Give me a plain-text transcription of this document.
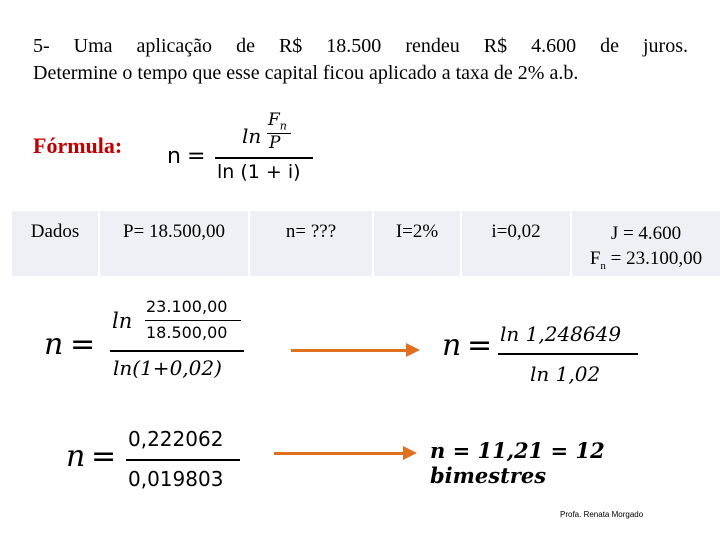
5- Uma aplicação de R$ 18.500 rendeu R$ 4.600 de juros.
Determine o tempo que esse capital ficou aplicado a taxa de 2% a.b.
Fórmula: n =
ln
$F_n$
P
ln (1 + i)
Dados	P= 18.500,00	n= ???	I=2%	i=0,02	J = 4.600
$F_n = 23.100,00$
n =
ln
23.100,00
18.500,00
ln(1+0,02)
n = ln 1,248649
ln 1,02
n = 0,222062
0,019803
n = 11,21 = 12 bimestres
Profa. Renata Morgado
